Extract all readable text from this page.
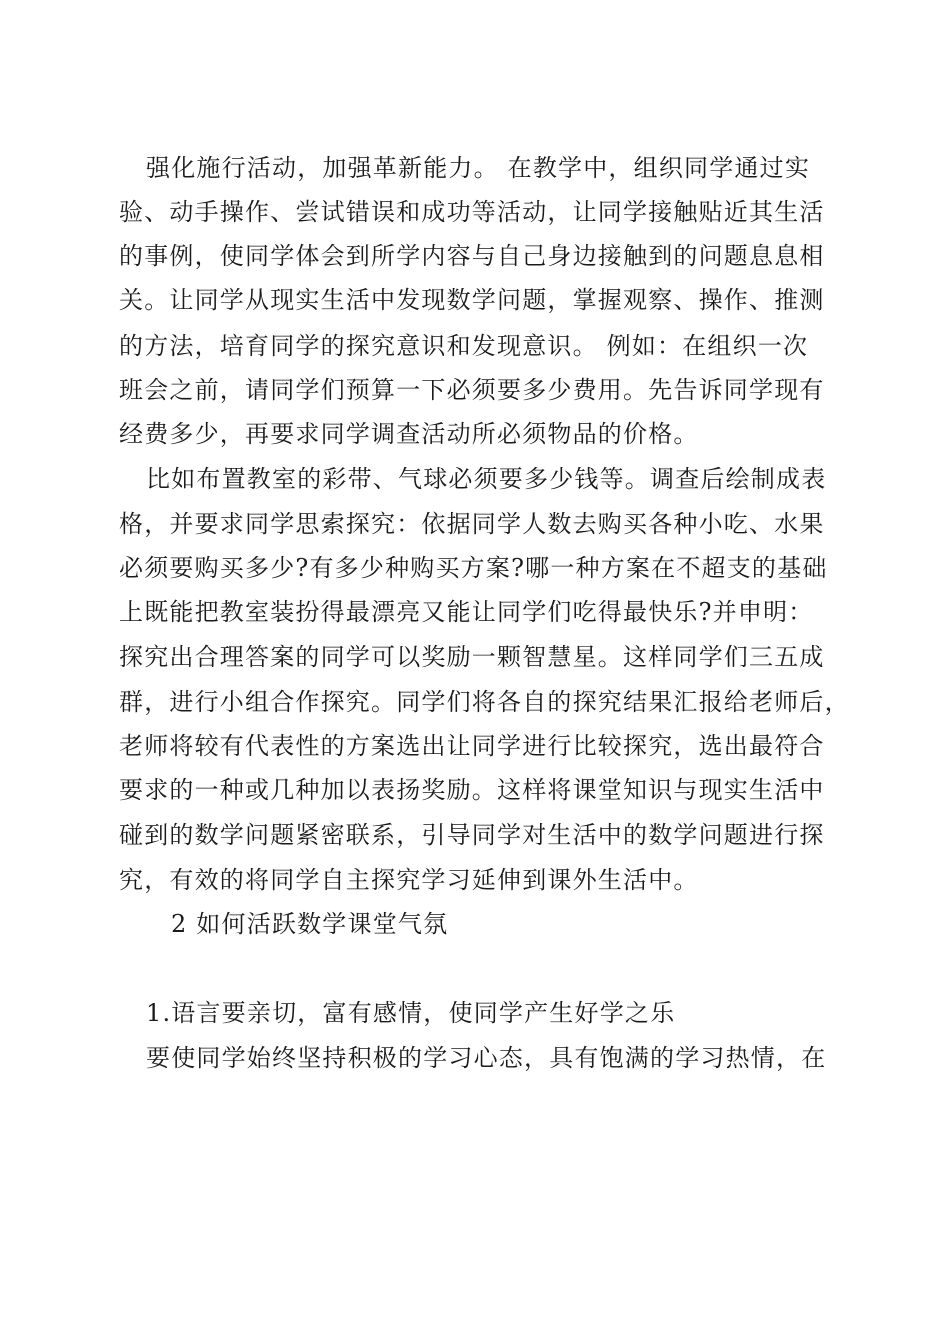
强化施行活动，加强革新能力。 在教学中，组织同学通过实
验、动手操作、尝试错误和成功等活动，让同学接触贴近其生活
的事例，使同学体会到所学内容与自己身边接触到的问题息息相
关。让同学从现实生活中发现数学问题，掌握观察、操作、推测
的方法，培育同学的探究意识和发现意识。 例如：在组织一次
班会之前，请同学们预算一下必须要多少费用。先告诉同学现有
经费多少，再要求同学调查活动所必须物品的价格。
比如布置教室的彩带、气球必须要多少钱等。调查后绘制成表
格，并要求同学思索探究：依据同学人数去购买各种小吃、水果
必须要购买多少?有多少种购买方案?哪一种方案在不超支的基础
上既能把教室装扮得最漂亮又能让同学们吃得最快乐?并申明：
探究出合理答案的同学可以奖励一颗智慧星。这样同学们三五成
群，进行小组合作探究。同学们将各自的探究结果汇报给老师后，
老师将较有代表性的方案选出让同学进行比较探究，选出最符合
要求的一种或几种加以表扬奖励。这样将课堂知识与现实生活中
碰到的数学问题紧密联系，引导同学对生活中的数学问题进行探
究，有效的将同学自主探究学习延伸到课外生活中。
2 如何活跃数学课堂气氛
1.语言要亲切，富有感情，使同学产生好学之乐
要使同学始终坚持积极的学习心态，具有饱满的学习热情，在
